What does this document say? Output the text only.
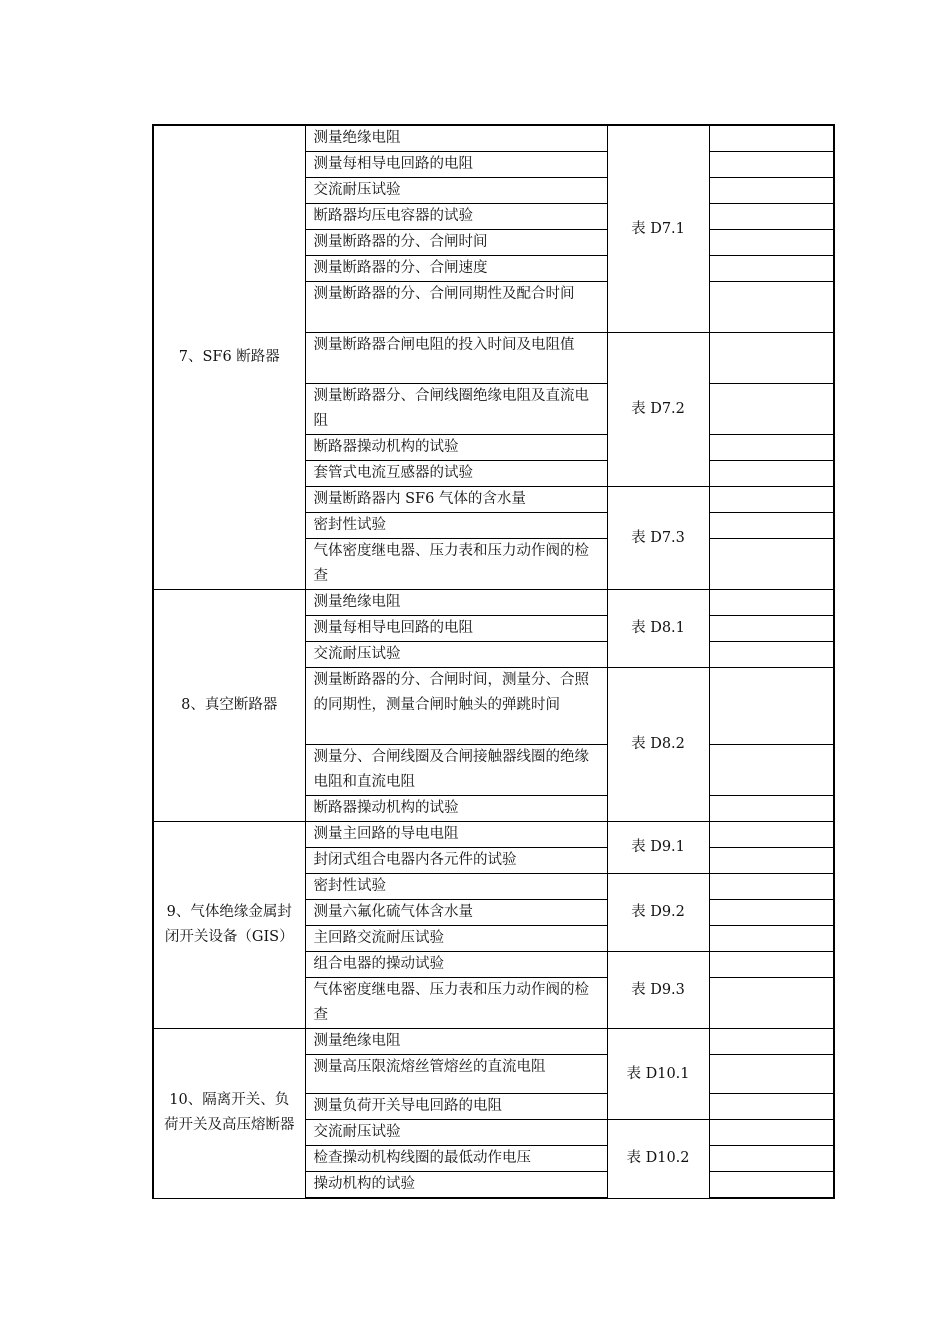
7、SF6 断路器	测量绝缘电阻	表 D7.1	
	测量每相导电回路的电阻		
	交流耐压试验		
	断路器均压电容器的试验		
	测量断路器的分、合闸时间		
	测量断路器的分、合闸速度		
	测量断路器的分、合闸同期性及配合时间		
	测量断路器合闸电阻的投入时间及电阻值	表 D7.2	
	测量断路器分、合闸线圈绝缘电阻及直流电阻		
	断路器操动机构的试验		
	套管式电流互感器的试验		
	测量断路器内 SF6 气体的含水量	表 D7.3	
	密封性试验		
	气体密度继电器、压力表和压力动作阀的检查		
8、真空断路器	测量绝缘电阻	表 D8.1	
	测量每相导电回路的电阻		
	交流耐压试验		
	测量断路器的分、合闸时间，测量分、合照的同期性，测量合闸时触头的弹跳时间	表 D8.2	
	测量分、合闸线圈及合闸接触器线圈的绝缘电阻和直流电阻		
	断路器操动机构的试验		
9、气体绝缘金属封闭开关设备（GIS）	测量主回路的导电电阻	表 D9.1	
	封闭式组合电器内各元件的试验		
	密封性试验	表 D9.2	
	测量六氟化硫气体含水量		
	主回路交流耐压试验		
	组合电器的操动试验	表 D9.3	
	气体密度继电器、压力表和压力动作阀的检查		
10、隔离开关、负荷开关及高压熔断器	测量绝缘电阻	表 D10.1	
	测量高压限流熔丝管熔丝的直流电阻		
	测量负荷开关导电回路的电阻		
	交流耐压试验	表 D10.2	
	检查操动机构线圈的最低动作电压		
	操动机构的试验		
